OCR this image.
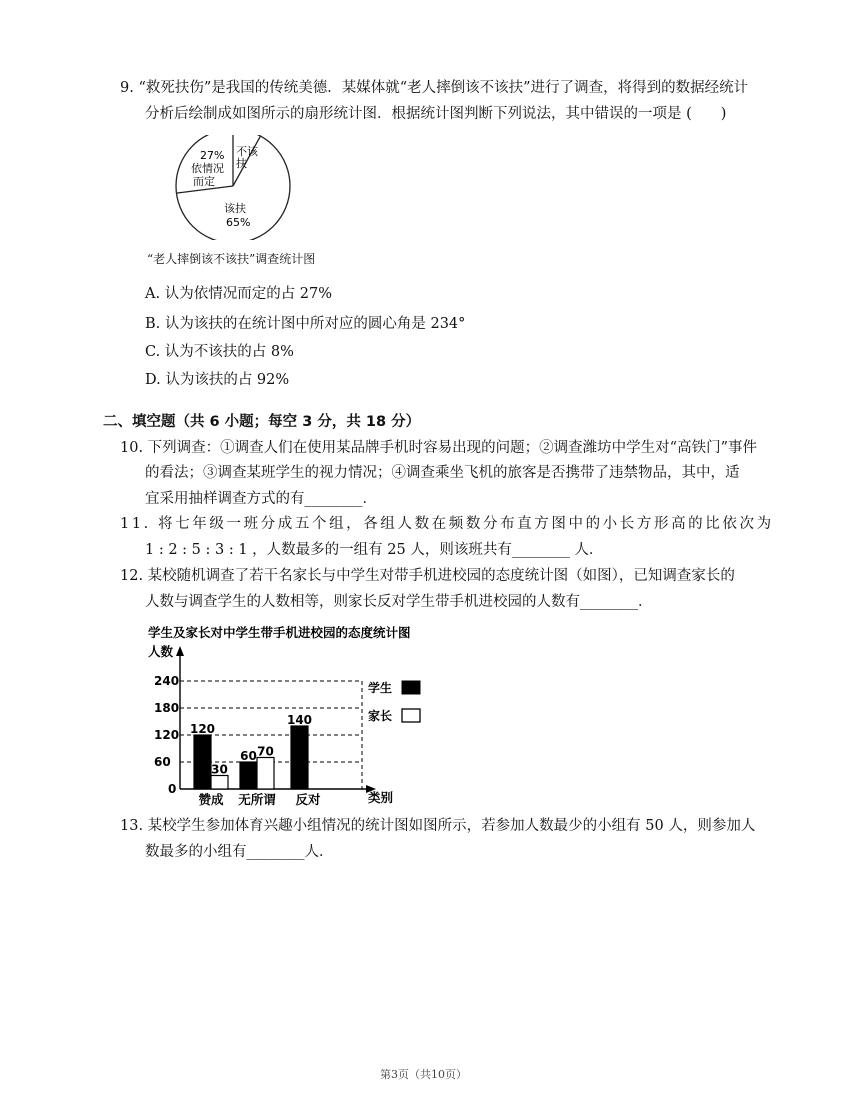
9. “救死扶伤”是我国的传统美德．某媒体就“老人摔倒该不该扶”进行了调查，将得到的数据经统计
分析后绘制成如图所示的扇形统计图．根据统计图判断下列说法，其中错误的一项是 (　　)
27%
依情况
而定
不该
扶
该扶
65%
“老人摔倒该不该扶”调查统计图
A. 认为依情况而定的占 27%
B. 认为该扶的在统计图中所对应的圆心角是 234°
C. 认为不该扶的占 8%
D. 认为该扶的占 92%
二、填空题（共 6 小题；每空 3 分，共 18 分）
10. 下列调查：①调查人们在使用某品牌手机时容易出现的问题；②调查潍坊中学生对“高铁门”事件
的看法；③调查某班学生的视力情况；④调查乘坐飞机的旅客是否携带了违禁物品，其中，适
宜采用抽样调查方式的有________．
11. 将七年级一班分成五个组，各组人数在频数分布直方图中的小长方形高的比依次为
1 : 2 : 5 : 3 : 1 ，人数最多的一组有 25 人，则该班共有________ 人．
12. 某校随机调查了若干名家长与中学生对带手机进校园的态度统计图（如图），已知调查家长的
人数与调查学生的人数相等，则家长反对学生带手机进校园的人数有________．
学生及家长对中学生带手机进校园的态度统计图
人数
类别
0
60
120
180
240
120
30
60 70
140
赞成 无所谓 反对
学生
家长
13. 某校学生参加体育兴趣小组情况的统计图如图所示，若参加人数最少的小组有 50 人，则参加人
数最多的小组有________人．
第3页（共10页）
